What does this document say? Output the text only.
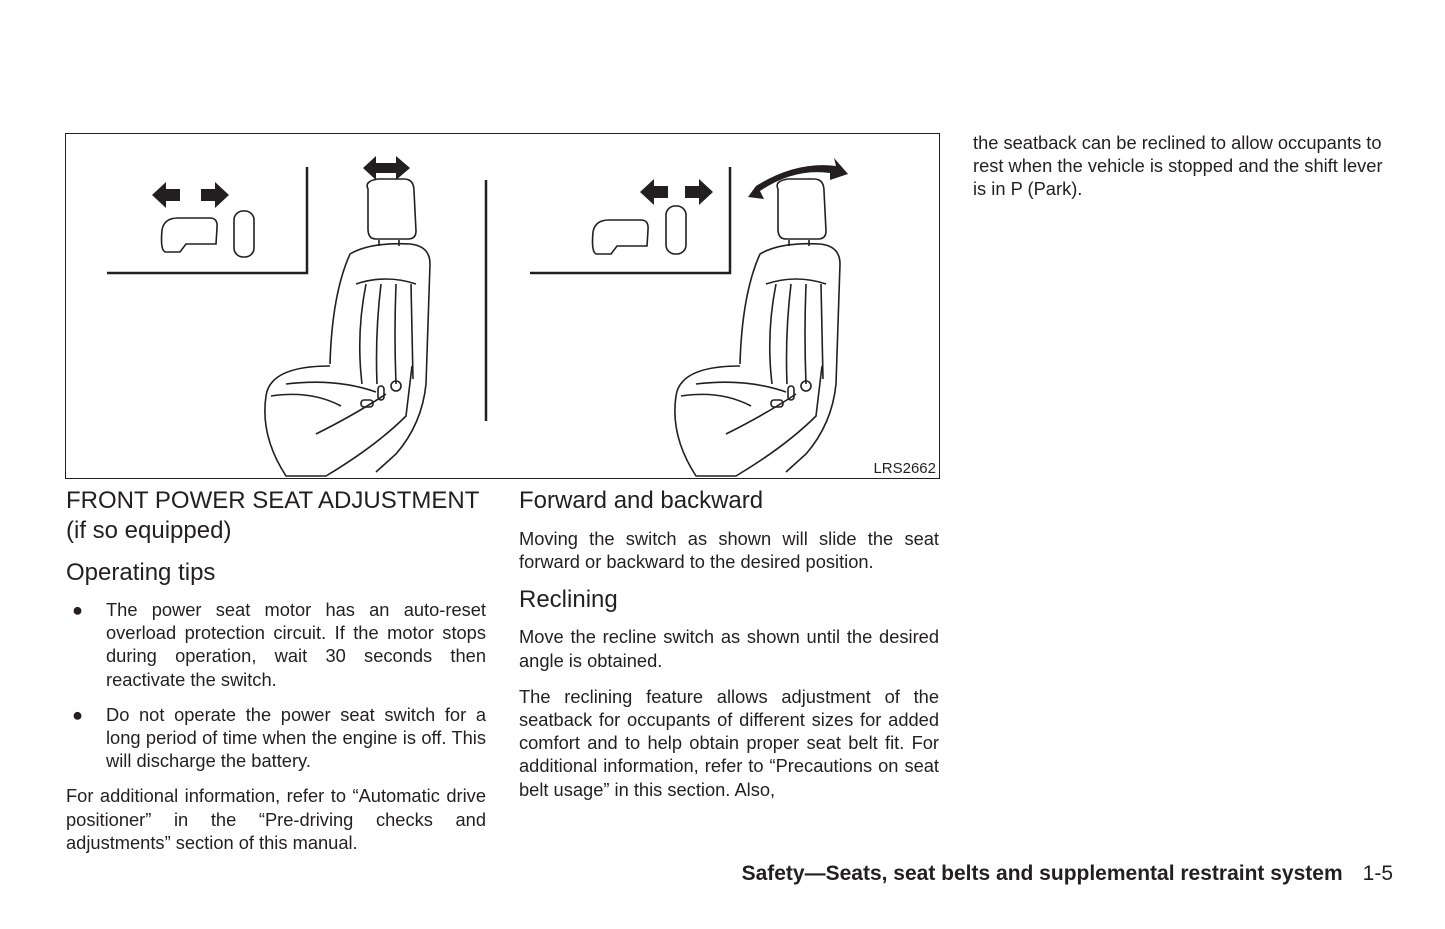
LRS2662
FRONT POWER SEAT ADJUSTMENT
(if so equipped)
Operating tips
● The power seat motor has an auto-reset overload protection circuit. If the motor stops during operation, wait 30 seconds then reactivate the switch.
● Do not operate the power seat switch for a long period of time when the engine is off. This will discharge the battery.
For additional information, refer to “Automatic drive positioner” in the “Pre-driving checks and adjustments” section of this manual.
Forward and backward
Moving the switch as shown will slide the seat forward or backward to the desired position.
Reclining
Move the recline switch as shown until the desired angle is obtained.
The reclining feature allows adjustment of the seatback for occupants of different sizes for added comfort and to help obtain proper seat belt fit. For additional information, refer to “Precautions on seat belt usage” in this section. Also,
the seatback can be reclined to allow occupants to rest when the vehicle is stopped and the shift lever is in P (Park).
Safety—Seats, seat belts and supplemental restraint system 1-5
